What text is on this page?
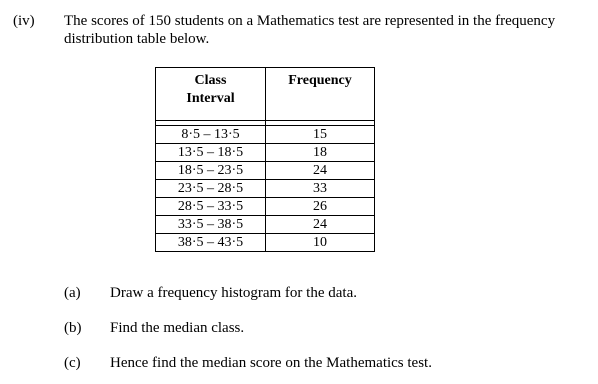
(iv) The scores of 150 students on a Mathematics test are represented in the frequency distribution table below.
Class
Interval	Frequency

8·5 – 13·5	15
13·5 – 18·5	18
18·5 – 23·5	24
23·5 – 28·5	33
28·5 – 33·5	26
33·5 – 38·5	24
38·5 – 43·5	10
(a) Draw a frequency histogram for the data.
(b) Find the median class.
(c) Hence find the median score on the Mathematics test.
